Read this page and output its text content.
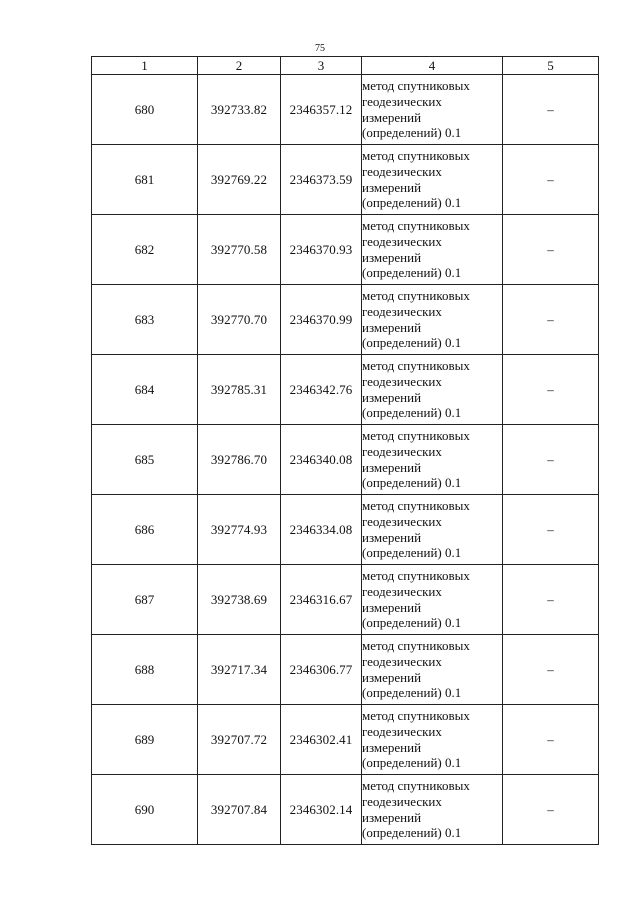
75
1	2	3	4	5
680	392733.82	2346357.12	метод спутниковых
геодезических
измерений
(определений) 0.1	–
681	392769.22	2346373.59	метод спутниковых
геодезических
измерений
(определений) 0.1	–
682	392770.58	2346370.93	метод спутниковых
геодезических
измерений
(определений) 0.1	–
683	392770.70	2346370.99	метод спутниковых
геодезических
измерений
(определений) 0.1	–
684	392785.31	2346342.76	метод спутниковых
геодезических
измерений
(определений) 0.1	–
685	392786.70	2346340.08	метод спутниковых
геодезических
измерений
(определений) 0.1	–
686	392774.93	2346334.08	метод спутниковых
геодезических
измерений
(определений) 0.1	–
687	392738.69	2346316.67	метод спутниковых
геодезических
измерений
(определений) 0.1	–
688	392717.34	2346306.77	метод спутниковых
геодезических
измерений
(определений) 0.1	–
689	392707.72	2346302.41	метод спутниковых
геодезических
измерений
(определений) 0.1	–
690	392707.84	2346302.14	метод спутниковых
геодезических
измерений
(определений) 0.1	–
